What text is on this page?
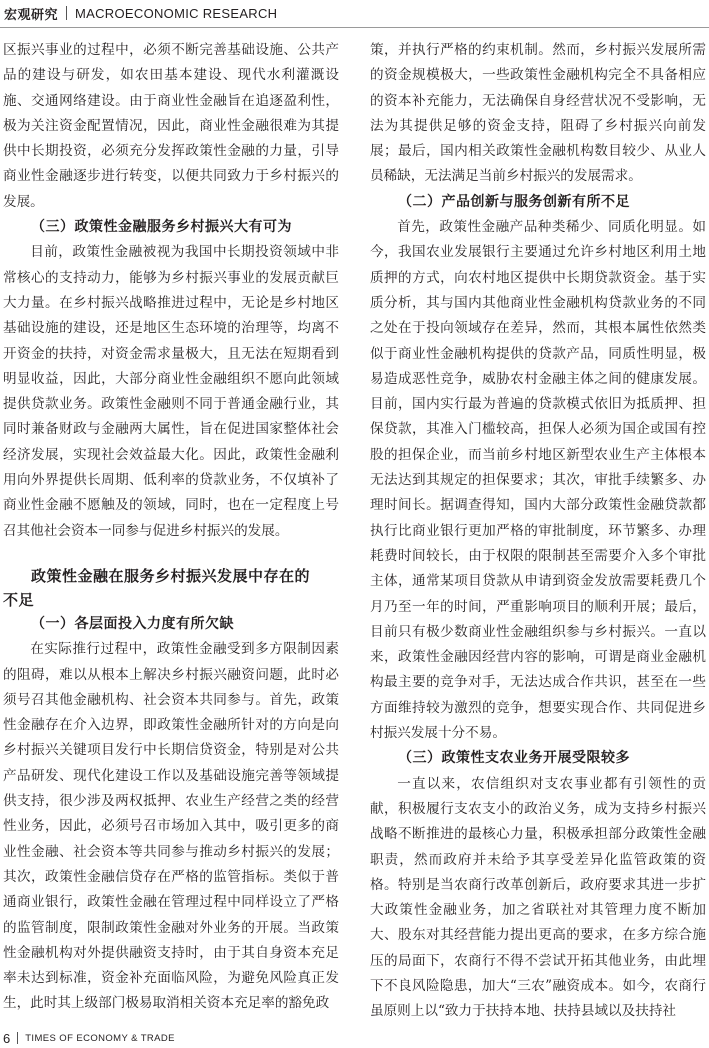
宏观研究 MACROECONOMIC RESEARCH

区振兴事业的过程中，必须不断完善基础设施、公共产品的建设与研发，如农田基本建设、现代水利灌溉设施、交通网络建设。由于商业性金融旨在追逐盈利性，极为关注资金配置情况，因此，商业性金融很难为其提供中长期投资，必须充分发挥政策性金融的力量，引导商业性金融逐步进行转变，以便共同致力于乡村振兴的发展。

（三）政策性金融服务乡村振兴大有可为

目前，政策性金融被视为我国中长期投资领域中非常核心的支持动力，能够为乡村振兴事业的发展贡献巨大力量。在乡村振兴战略推进过程中，无论是乡村地区基础设施的建设，还是地区生态环境的治理等，均离不开资金的扶持，对资金需求量极大，且无法在短期看到明显收益，因此，大部分商业性金融组织不愿向此领域提供贷款业务。政策性金融则不同于普通金融行业，其同时兼备财政与金融两大属性，旨在促进国家整体社会经济发展，实现社会效益最大化。因此，政策性金融利用向外界提供长周期、低利率的贷款业务，不仅填补了商业性金融不愿触及的领域，同时，也在一定程度上号召其他社会资本一同参与促进乡村振兴的发展。

政策性金融在服务乡村振兴发展中存在的

不足

（一）各层面投入力度有所欠缺

在实际推行过程中，政策性金融受到多方限制因素的阻碍，难以从根本上解决乡村振兴融资问题，此时必须号召其他金融机构、社会资本共同参与。首先，政策性金融存在介入边界，即政策性金融所针对的方向是向乡村振兴关键项目发行中长期信贷资金，特别是对公共产品研发、现代化建设工作以及基础设施完善等领域提供支持，很少涉及两权抵押、农业生产经营之类的经营性业务，因此，必须号召市场加入其中，吸引更多的商业性金融、社会资本等共同参与推动乡村振兴的发展；其次，政策性金融信贷存在严格的监管指标。类似于普通商业银行，政策性金融在管理过程中同样设立了严格的监管制度，限制政策性金融对外业务的开展。当政策性金融机构对外提供融资支持时，由于其自身资本充足率未达到标准，资金补充面临风险，为避免风险真正发生，此时其上级部门极易取消相关资本充足率的豁免政

策，并执行严格的约束机制。然而，乡村振兴发展所需的资金规模极大，一些政策性金融机构完全不具备相应的资本补充能力，无法确保自身经营状况不受影响，无法为其提供足够的资金支持，阻碍了乡村振兴向前发展；最后，国内相关政策性金融机构数目较少、从业人员稀缺，无法满足当前乡村振兴的发展需求。

（二）产品创新与服务创新有所不足

首先，政策性金融产品种类稀少、同质化明显。如今，我国农业发展银行主要通过允许乡村地区利用土地质押的方式，向农村地区提供中长期贷款资金。基于实质分析，其与国内其他商业性金融机构贷款业务的不同之处在于投向领域存在差异，然而，其根本属性依然类似于商业性金融机构提供的贷款产品，同质性明显，极易造成恶性竞争，威胁农村金融主体之间的健康发展。目前，国内实行最为普遍的贷款模式依旧为抵质押、担保贷款，其准入门槛较高，担保人必须为国企或国有控股的担保企业，而当前乡村地区新型农业生产主体根本无法达到其规定的担保要求；其次，审批手续繁多、办理时间长。据调查得知，国内大部分政策性金融贷款都执行比商业银行更加严格的审批制度，环节繁多、办理耗费时间较长，由于权限的限制甚至需要介入多个审批主体，通常某项目贷款从申请到资金发放需要耗费几个月乃至一年的时间，严重影响项目的顺利开展；最后，目前只有极少数商业性金融组织参与乡村振兴。一直以来，政策性金融因经营内容的影响，可谓是商业金融机构最主要的竞争对手，无法达成合作共识，甚至在一些方面维持较为激烈的竞争，想要实现合作、共同促进乡村振兴发展十分不易。

（三）政策性支农业务开展受限较多

一直以来，农信组织对支农事业都有引领性的贡献，积极履行支农支小的政治义务，成为支持乡村振兴战略不断推进的最核心力量，积极承担部分政策性金融职责，然而政府并未给予其享受差异化监管政策的资格。特别是当农商行改革创新后，政府要求其进一步扩大政策性金融业务，加之省联社对其管理力度不断加大、股东对其经营能力提出更高的要求，在多方综合施压的局面下，农商行不得不尝试开拓其他业务，由此埋下不良风险隐患，加大“三农”融资成本。如今，农商行虽原则上以“致力于扶持本地、扶持县域以及扶持社

6 TIMES OF ECONOMY & TRADE
